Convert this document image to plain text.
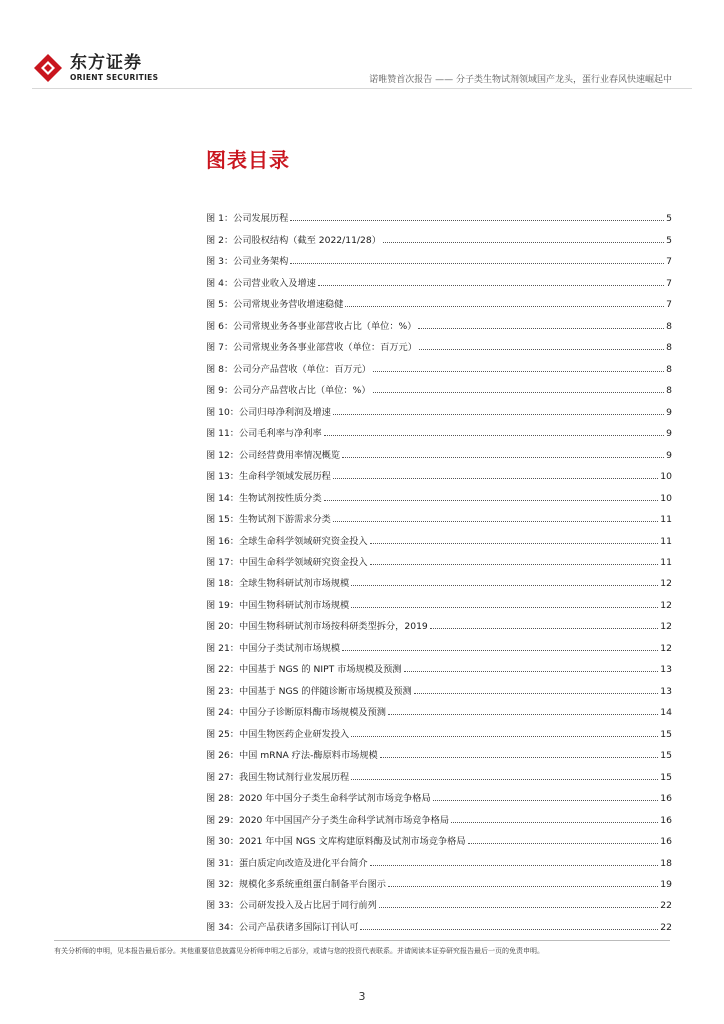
东方证券
ORIENT SECURITIES	诺唯赞首次报告 —— 分子类生物试剂领域国产龙头，蛋行业春风快速崛起中
图表目录
图 1： 公司发展历程	5
图 2： 公司股权结构（截至 2022/11/28）	5
图 3： 公司业务架构	7
图 4： 公司营业收入及增速	7
图 5： 公司常规业务营收增速稳健	7
图 6： 公司常规业务各事业部营收占比（单位：%）	8
图 7： 公司常规业务各事业部营收（单位：百万元）	8
图 8： 公司分产品营收（单位：百万元）	8
图 9： 公司分产品营收占比（单位：%）	8
图 10： 公司归母净利润及增速	9
图 11： 公司毛利率与净利率	9
图 12： 公司经营费用率情况概览	9
图 13： 生命科学领域发展历程	10
图 14： 生物试剂按性质分类	10
图 15： 生物试剂下游需求分类	11
图 16： 全球生命科学领域研究资金投入	11
图 17： 中国生命科学领域研究资金投入	11
图 18： 全球生物科研试剂市场规模	12
图 19： 中国生物科研试剂市场规模	12
图 20： 中国生物科研试剂市场按科研类型拆分，2019	12
图 21： 中国分子类试剂市场规模	12
图 22： 中国基于 NGS 的 NIPT 市场规模及预测	13
图 23： 中国基于 NGS 的伴随诊断市场规模及预测	13
图 24： 中国分子诊断原料酶市场规模及预测	14
图 25： 中国生物医药企业研发投入	15
图 26： 中国 mRNA 疗法-酶原料市场规模	15
图 27： 我国生物试剂行业发展历程	15
图 28： 2020 年中国分子类生命科学试剂市场竞争格局	16
图 29： 2020 年中国国产分子类生命科学试剂市场竞争格局	16
图 30： 2021 年中国 NGS 文库构建原料酶及试剂市场竞争格局	16
图 31： 蛋白质定向改造及进化平台简介	18
图 32： 规模化多系统重组蛋白制备平台图示	19
图 33： 公司研发投入及占比居于同行前列	22
图 34： 公司产品获诸多国际订刊认可	22
有关分析师的申明，见本报告最后部分。其他重要信息披露见分析师申明之后部分，或请与您的投资代表联系。并请阅读本证券研究报告最后一页的免责申明。
3
